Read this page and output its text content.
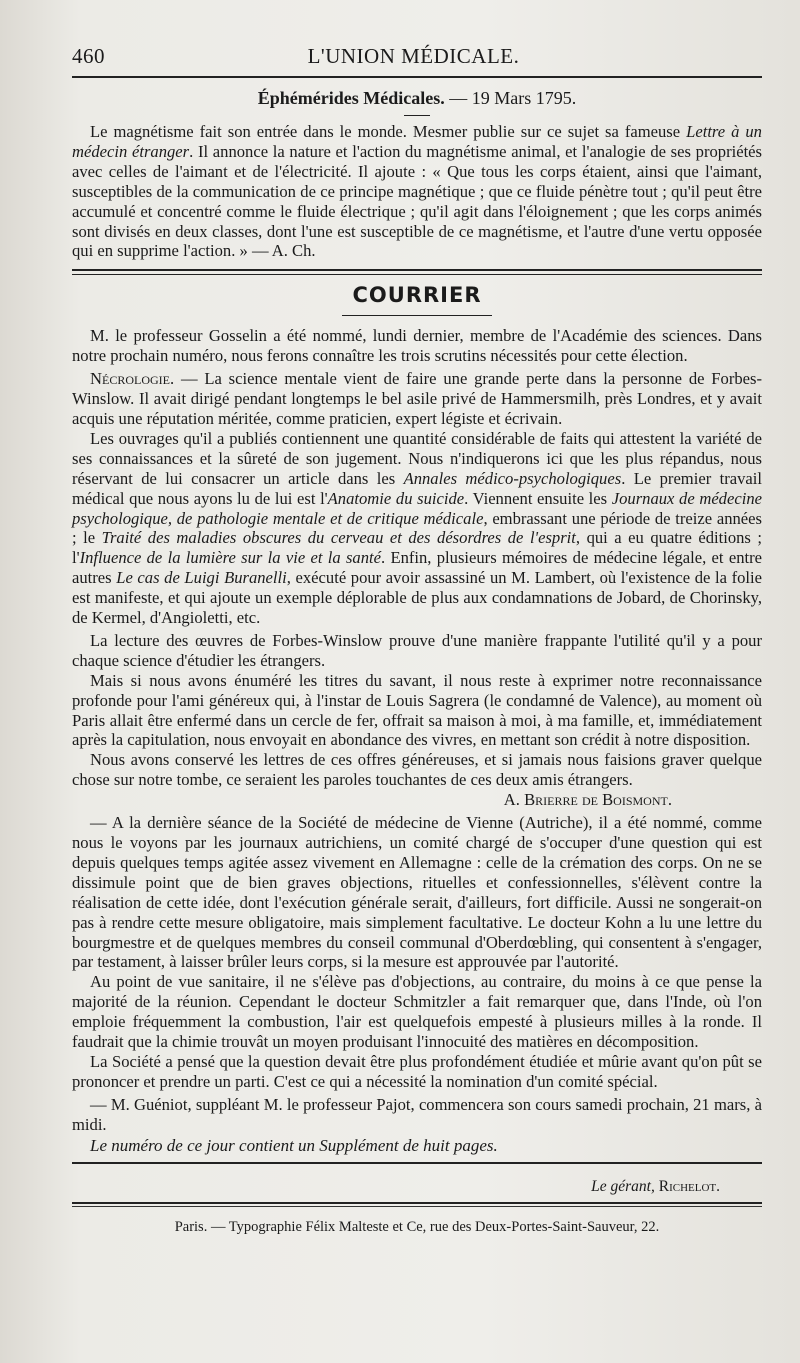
460	L'UNION MÉDICALE.
Éphémérides Médicales. — 19 Mars 1795.

Le magnétisme fait son entrée dans le monde. Mesmer publie sur ce sujet sa fameuse Lettre à un médecin étranger. Il annonce la nature et l'action du magnétisme animal, et l'analogie de ses propriétés avec celles de l'aimant et de l'électricité. Il ajoute : « Que tous les corps étaient, ainsi que l'aimant, susceptibles de la communication de ce principe magnétique ; que ce fluide pénètre tout ; qu'il peut être accumulé et concentré comme le fluide électrique ; qu'il agit dans l'éloignement ; que les corps animés sont divisés en deux classes, dont l'une est susceptible de ce magnétisme, et l'autre d'une vertu opposée qui en supprime l'action. » — A. Ch.

COURRIER

M. le professeur Gosselin a été nommé, lundi dernier, membre de l'Académie des sciences. Dans notre prochain numéro, nous ferons connaître les trois scrutins nécessités pour cette élection.

Nécrologie. — La science mentale vient de faire une grande perte dans la personne de Forbes-Winslow. Il avait dirigé pendant longtemps le bel asile privé de Hammersmilh, près Londres, et y avait acquis une réputation méritée, comme praticien, expert légiste et écrivain.

Les ouvrages qu'il a publiés contiennent une quantité considérable de faits qui attestent la variété de ses connaissances et la sûreté de son jugement. Nous n'indiquerons ici que les plus répandus, nous réservant de lui consacrer un article dans les Annales médico-psychologiques. Le premier travail médical que nous ayons lu de lui est l'Anatomie du suicide. Viennent ensuite les Journaux de médecine psychologique, de pathologie mentale et de critique médicale, embrassant une période de treize années ; le Traité des maladies obscures du cerveau et des désordres de l'esprit, qui a eu quatre éditions ; l'Influence de la lumière sur la vie et la santé. Enfin, plusieurs mémoires de médecine légale, et entre autres Le cas de Luigi Buranelli, exécuté pour avoir assassiné un M. Lambert, où l'existence de la folie est manifeste, et qui ajoute un exemple déplorable de plus aux condamnations de Jobard, de Chorinsky, de Kermel, d'Angioletti, etc.

La lecture des œuvres de Forbes-Winslow prouve d'une manière frappante l'utilité qu'il y a pour chaque science d'étudier les étrangers.

Mais si nous avons énuméré les titres du savant, il nous reste à exprimer notre reconnaissance profonde pour l'ami généreux qui, à l'instar de Louis Sagrera (le condamné de Valence), au moment où Paris allait être enfermé dans un cercle de fer, offrait sa maison à moi, à ma famille, et, immédiatement après la capitulation, nous envoyait en abondance des vivres, en mettant son crédit à notre disposition.

Nous avons conservé les lettres de ces offres généreuses, et si jamais nous faisions graver quelque chose sur notre tombe, ce seraient les paroles touchantes de ces deux amis étrangers.

A. Brierre de Boismont.

— A la dernière séance de la Société de médecine de Vienne (Autriche), il a été nommé, comme nous le voyons par les journaux autrichiens, un comité chargé de s'occuper d'une question qui est depuis quelques temps agitée assez vivement en Allemagne : celle de la crémation des corps. On ne se dissimule point que de bien graves objections, rituelles et confessionnelles, s'élèvent contre la réalisation de cette idée, dont l'exécution générale serait, d'ailleurs, fort difficile. Aussi ne songerait-on pas à rendre cette mesure obligatoire, mais simplement facultative. Le docteur Kohn a lu une lettre du bourgmestre et de quelques membres du conseil communal d'Oberdœbling, qui consentent à s'engager, par testament, à laisser brûler leurs corps, si la mesure est approuvée par l'autorité.

Au point de vue sanitaire, il ne s'élève pas d'objections, au contraire, du moins à ce que pense la majorité de la réunion. Cependant le docteur Schmitzler a fait remarquer que, dans l'Inde, où l'on emploie fréquemment la combustion, l'air est quelquefois empesté à plusieurs milles à la ronde. Il faudrait que la chimie trouvât un moyen produisant l'innocuité des matières en décomposition.

La Société a pensé que la question devait être plus profondément étudiée et mûrie avant qu'on pût se prononcer et prendre un parti. C'est ce qui a nécessité la nomination d'un comité spécial.

— M. Guéniot, suppléant M. le professeur Pajot, commencera son cours samedi prochain, 21 mars, à midi.

Le numéro de ce jour contient un Supplément de huit pages.

Le gérant, Richelot.
Paris. — Typographie Félix Malteste et Ce, rue des Deux-Portes-Saint-Sauveur, 22.
